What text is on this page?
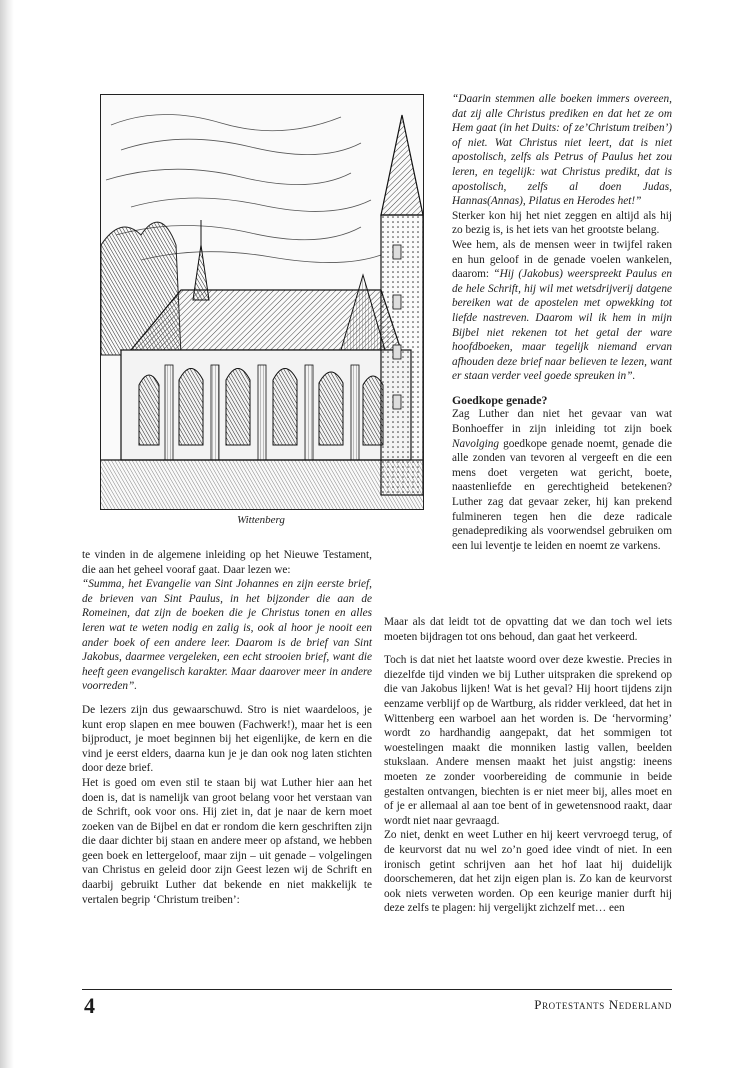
Wittenberg

te vinden in de algemene inleiding op het Nieuwe Testament, die aan het geheel vooraf gaat. Daar lezen we:

“Summa, het Evangelie van Sint Johannes en zijn eerste brief, de brieven van Sint Paulus, in het bijzonder die aan de Romeinen, dat zijn de boeken die je Christus tonen en alles leren wat te weten nodig en zalig is, ook al hoor je nooit een ander boek of een andere leer. Daarom is de brief van Sint Jakobus, daarmee vergeleken, een echt strooien brief, want die heeft geen evangelisch karakter. Maar daarover meer in andere voorreden”.

De lezers zijn dus gewaarschuwd. Stro is niet waardeloos, je kunt erop slapen en mee bouwen (Fachwerk!), maar het is een bijproduct, je moet beginnen bij het eigenlijke, de kern en die vind je eerst elders, daarna kun je je dan ook nog laten stichten door deze brief.

Het is goed om even stil te staan bij wat Luther hier aan het doen is, dat is namelijk van groot belang voor het verstaan van de Schrift, ook voor ons. Hij ziet in, dat je naar de kern moet zoeken van de Bijbel en dat er rondom die kern geschriften zijn die daar dichter bij staan en andere meer op afstand, we hebben geen boek en lettergeloof, maar zijn – uit genade – volgelingen van Christus en geleid door zijn Geest lezen wij de Schrift en daarbij gebruikt Luther dat bekende en niet makkelijk te vertalen begrip ‘Christum treiben’:

“Daarin stemmen alle boeken immers overeen, dat zij alle Christus prediken en dat het ze om Hem gaat (in het Duits: of ze’Christum treiben’) of niet. Wat Christus niet leert, dat is niet apostolisch, zelfs als Petrus of Paulus het zou leren, en tegelijk: wat Christus predikt, dat is apostolisch, zelfs al doen Judas, Hannas(Annas), Pilatus en Herodes het!”

Sterker kon hij het niet zeggen en altijd als hij zo bezig is, is het iets van het grootste belang.

Wee hem, als de mensen weer in twijfel raken en hun geloof in de genade voelen wankelen, daarom: “Hij (Jakobus) weerspreekt Paulus en de hele Schrift, hij wil met wetsdrijverij datgene bereiken wat de apostelen met opwekking tot liefde nastreven. Daarom wil ik hem in mijn Bijbel niet rekenen tot het getal der ware hoofdboeken, maar tegelijk niemand ervan afhouden deze brief naar believen te lezen, want er staan verder veel goede spreuken in”.

Goedkope genade?

Zag Luther dan niet het gevaar van wat Bonhoeffer in zijn inleiding tot zijn boek Navolging goedkope genade noemt, genade die alle zonden van tevoren al vergeeft en die een mens doet vergeten wat gericht, boete, naastenliefde en gerechtigheid betekenen? Luther zag dat gevaar zeker, hij kan prekend fulmineren tegen hen die deze radicale genadeprediking als voorwendsel gebruiken om een lui leventje te leiden en noemt ze varkens.

Maar als dat leidt tot de opvatting dat we dan toch wel iets moeten bijdragen tot ons behoud, dan gaat het verkeerd.

Toch is dat niet het laatste woord over deze kwestie. Precies in diezelfde tijd vinden we bij Luther uitspraken die sprekend op die van Jakobus lijken! Wat is het geval? Hij hoort tijdens zijn eenzame verblijf op de Wartburg, als ridder verkleed, dat het in Wittenberg een warboel aan het worden is. De ‘hervorming’ wordt zo hardhandig aangepakt, dat het sommigen tot woestelingen maakt die monniken lastig vallen, beelden stukslaan. Andere mensen maakt het juist angstig: ineens moeten ze zonder voorbereiding de communie in beide gestalten ontvangen, biechten is er niet meer bij, alles moet en of je er allemaal al aan toe bent of in gewetensnood raakt, daar wordt niet naar gevraagd.

Zo niet, denkt en weet Luther en hij keert vervroegd terug, of de keurvorst dat nu wel zo’n goed idee vindt of niet. In een ironisch getint schrijven aan het hof laat hij duidelijk doorschemeren, dat het zijn eigen plan is. Zo kan de keurvorst ook niets verweten worden. Op een keurige manier durft hij deze zelfs te plagen: hij vergelijkt zichzelf met… een

4	Protestants Nederland
